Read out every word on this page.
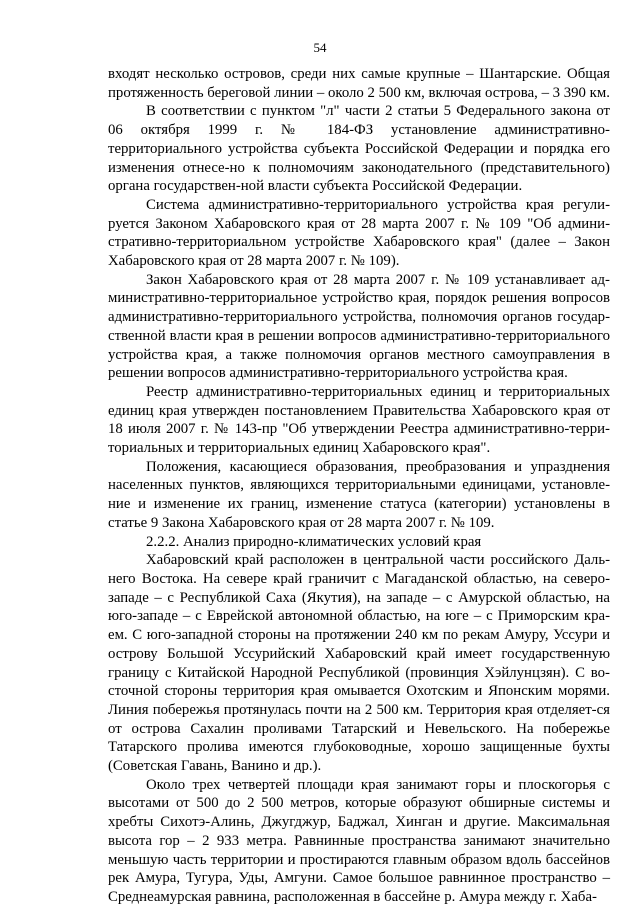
54

входят несколько островов, среди них самые крупные – Шантарские. Общая протяженность береговой линии – около 2 500 км, включая острова, – 3 390 км.

В соответствии с пунктом "л" части 2 статьи 5 Федерального закона от 06 октября 1999 г. № 184-ФЗ установление административно-территориального устройства субъекта Российской Федерации и порядка его изменения отнесе-но к полномочиям законодательного (представительного) органа государствен-ной власти субъекта Российской Федерации.

Система административно-территориального устройства края регули-руется Законом Хабаровского края от 28 марта 2007 г. № 109 "Об админи-стративно-территориальном устройстве Хабаровского края" (далее – Закон Хабаровского края от 28 марта 2007 г. № 109).

Закон Хабаровского края от 28 марта 2007 г. № 109 устанавливает ад-министративно-территориальное устройство края, порядок решения вопросов административно-территориального устройства, полномочия органов государ-ственной власти края в решении вопросов административно-территориального устройства края, а также полномочия органов местного самоуправления в решении вопросов административно-территориального устройства края.

Реестр административно-территориальных единиц и территориальных единиц края утвержден постановлением Правительства Хабаровского края от 18 июля 2007 г. № 143-пр "Об утверждении Реестра административно-терри-ториальных и территориальных единиц Хабаровского края".

Положения, касающиеся образования, преобразования и упразднения населенных пунктов, являющихся территориальными единицами, установле-ние и изменение их границ, изменение статуса (категории) установлены в статье 9 Закона Хабаровского края от 28 марта 2007 г. № 109.

2.2.2. Анализ природно-климатических условий края

Хабаровский край расположен в центральной части российского Даль-него Востока. На севере край граничит с Магаданской областью, на северо-западе – с Республикой Саха (Якутия), на западе – с Амурской областью, на юго-западе – с Еврейской автономной областью, на юге – с Приморским кра-ем. С юго-западной стороны на протяжении 240 км по рекам Амуру, Уссури и острову Большой Уссурийский Хабаровский край имеет государственную границу с Китайской Народной Республикой (провинция Хэйлунцзян). С во-сточной стороны территория края омывается Охотским и Японским морями. Линия побережья протянулась почти на 2 500 км. Территория края отделяет-ся от острова Сахалин проливами Татарский и Невельского. На побережье Татарского пролива имеются глубоководные, хорошо защищенные бухты (Советская Гавань, Ванино и др.).

Около трех четвертей площади края занимают горы и плоскогорья с высотами от 500 до 2 500 метров, которые образуют обширные системы и хребты Сихотэ-Алинь, Джугджур, Баджал, Хинган и другие. Максимальная высота гор – 2 933 метра. Равнинные пространства занимают значительно меньшую часть территории и простираются главным образом вдоль бассейнов рек Амура, Тугура, Уды, Амгуни. Самое большое равнинное пространство – Среднеамурская равнина, расположенная в бассейне р. Амура между г. Хаба-
